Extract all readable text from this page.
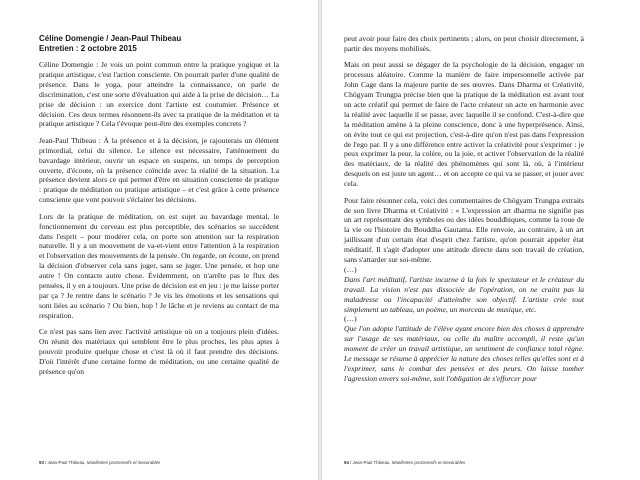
Céline Domengie / Jean-Paul Thibeau
Entretien : 2 octobre 2015

Céline Domengie : Je vois un point commun entre la pratique yogique et la pratique artistique, c'est l'action consciente. On pourrait parler d'une qualité de présence. Dans le yoga, pour atteindre la connaissance, on parle de discrimination, c'est une sorte d'évaluation qui aide à la prise de décision… La prise de décision : un exercice dont l'artiste est coutumier. Présence et décision. Ces deux termes résonnent-ils avec ta pratique de la méditation et ta pratique artistique ? Cela t'évoque peut-être des exemples concrets ?

Jean-Paul Thibeau : À la présence et à la décision, je rajouterais un élément primordial, celui du silence. Le silence est nécessaire, l'atténuement du bavardage intérieur, ouvrir un espace en suspens, un temps de perception ouverte, d'écoute, où la présence coïncide avec la réalité de la situation. La présence devient alors ce qui permet d'être en situation consciente de pratique : pratique de méditation ou pratique artistique – et c'est grâce à cette présence consciente que vont pouvoir s'éclairer les décisions.

Lors de la pratique de méditation, on est sujet au bavardage mental, le fonctionnement du cerveau est plus perceptible, des scénarios se succèdent dans l'esprit – pour modérer cela, on porte son attention sur la respiration naturelle. Il y a un mouvement de va-et-vient entre l'attention à la respiration et l'observation des mouvements de la pensée. On regarde, on écoute, on prend la décision d'observer cela sans juger, sans se juger. Une pensée, et hop une autre ! On contacte autre chose. Évidemment, on n'arrête pas le flux des pensées, il y en a toujours. Une prise de décision est en jeu : je me laisse porter par ça ? Je rentre dans le scénario ? Je vis les émotions et les sensations qui sont liées au scénario ? Ou bien, hop ! Je lâche et je reviens au contact de ma respiration.

Ce n'est pas sans lien avec l'activité artistique où on a toujours plein d'idées. On réunit des matériaux qui semblent être le plus proches, les plus aptes à pouvoir produire quelque chose et c'est là où il faut prendre des décisions. D'où l'intérêt d'une certaine forme de méditation, ou une certaine qualité de présence qu'on

93 / Jean-Paul Thibeau, Manifestes proGressifs et inexorables

peut avoir pour faire des choix pertinents ; alors, on peut choisir directement, à partir des moyens mobilisés.

Mais on peut aussi se dégager de la psychologie de la décision, engager un processus aléatoire. Comme la manière de faire impersonnelle activée par John Cage dans la majeure partie de ses œuvres. Dans Dharma et Créativité, Chögyam Trungpa précise bien que la pratique de la méditation est avant tout un acte créatif qui permet de faire de l'acte créateur un acte en harmonie avec la réalité avec laquelle il se passe, avec laquelle il se confond. C'est-à-dire que la méditation amène à la pleine conscience, donc à une hyperprésence. Ainsi, on évite tout ce qui est projection, c'est-à-dire qu'on n'est pas dans l'expression de l'ego par. Il y a une différence entre activer la créativité pour s'exprimer : je peux exprimer la peur, la colère, ou la joie, et activer l'observation de la réalité des matériaux, de la réalité des phénomènes qui sont là, où, à l'intérieur desquels on est juste un agent… et on accepte ce qui va se passer, et jouer avec cela.

Pour faire résonner cela, voici des commentaires de Chögyam Trungpa extraits de son livre Dharma et Créativité : « L'expression art dharma ne signifie pas un art représentant des symboles ou des idées bouddhiques, comme la roue de la vie ou l'histoire du Bouddha Gautama. Elle renvoie, au contraire, à un art jaillissant d'un certain état d'esprit chez l'artiste, qu'on pourrait appeler état méditatif. Il s'agit d'adopter une attitude directe dans son travail de création, sans s'attarder sur soi-même.

(…)

Dans l'art méditatif, l'artiste incarne à la fois le spectateur et le créateur du travail. La vision n'est pas dissociée de l'opération, on ne craint pas la maladresse ou l'incapacité d'atteindre son objectif. L'artiste crée tout simplement un tableau, un poème, un morceau de musique, etc.

(…)

Que l'on adopte l'attitude de l'élève ayant encore bien des choses à apprendre sur l'usage de ses matériaux, ou celle du maître accompli, il reste qu'un moment de créer un travail artistique, un sentiment de confiance total règne. Le message se résume à apprécier la nature des choses telles qu'elles sont et à l'exprimer, sans le combat des pensées et des peurs. On laisse tomber l'agression envers soi-même, soit l'obligation de s'efforcer pour

94 / Jean-Paul Thibeau, Manifestes proGressifs et inexorables
